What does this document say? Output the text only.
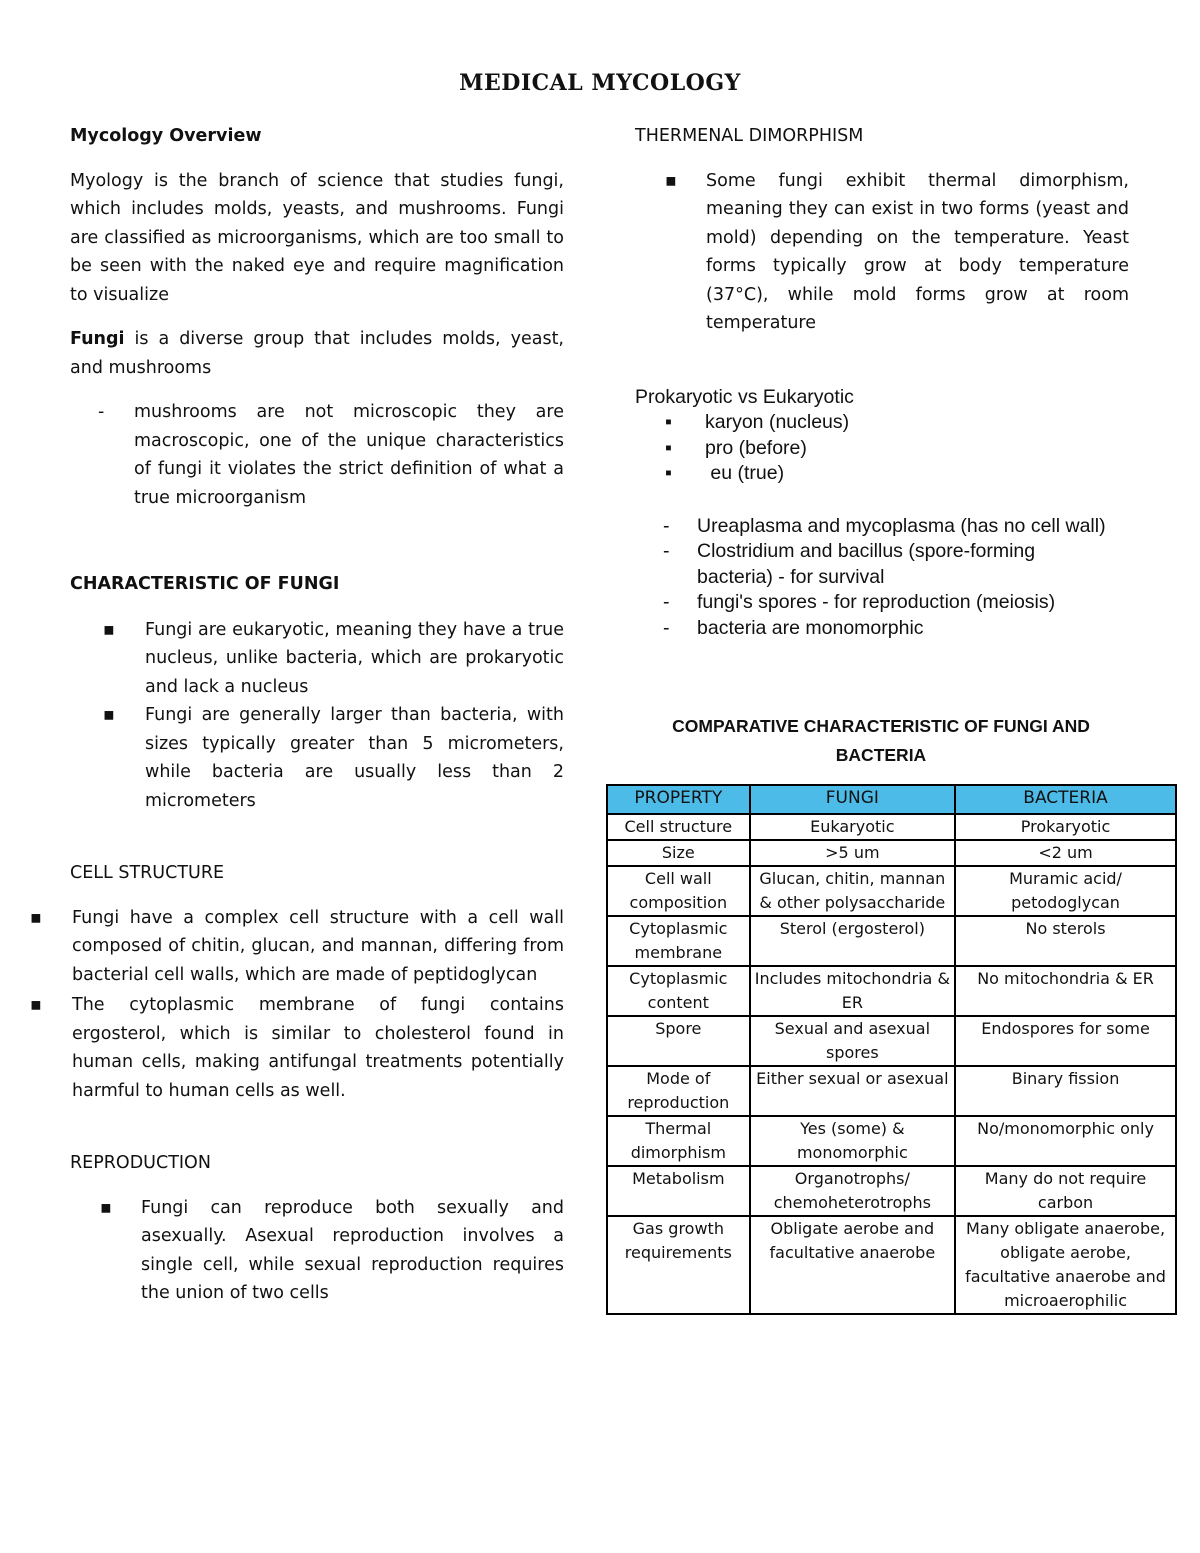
MEDICAL MYCOLOGY
Mycology Overview
Myology is the branch of science that studies fungi, which includes molds, yeasts, and mushrooms. Fungi are classified as microorganisms, which are too small to be seen with the naked eye and require magnification to visualize
Fungi is a diverse group that includes molds, yeast, and mushrooms
- mushrooms are not microscopic they are macroscopic, one of the unique characteristics of fungi it violates the strict definition of what a true microorganism
CHARACTERISTIC OF FUNGI
▪ Fungi are eukaryotic, meaning they have a true nucleus, unlike bacteria, which are prokaryotic and lack a nucleus
▪ Fungi are generally larger than bacteria, with sizes typically greater than 5 micrometers, while bacteria are usually less than 2 micrometers
CELL STRUCTURE
▪ Fungi have a complex cell structure with a cell wall composed of chitin, glucan, and mannan, differing from bacterial cell walls, which are made of peptidoglycan
▪ The cytoplasmic membrane of fungi contains ergosterol, which is similar to cholesterol found in human cells, making antifungal treatments potentially harmful to human cells as well.
REPRODUCTION
▪ Fungi can reproduce both sexually and asexually. Asexual reproduction involves a single cell, while sexual reproduction requires the union of two cells
THERMENAL DIMORPHISM
▪ Some fungi exhibit thermal dimorphism, meaning they can exist in two forms (yeast and mold) depending on the temperature. Yeast forms typically grow at body temperature (37°C), while mold forms grow at room temperature
Prokaryotic vs Eukaryotic
▪ karyon (nucleus)
▪ pro (before)
▪ eu (true)
- Ureaplasma and mycoplasma (has no cell wall)
- Clostridium and bacillus (spore-forming bacteria) - for survival
- fungi's spores - for reproduction (meiosis)
- bacteria are monomorphic
COMPARATIVE CHARACTERISTIC OF FUNGI AND BACTERIA
PROPERTY	FUNGI	BACTERIA
Cell structure	Eukaryotic	Prokaryotic
Size	>5 um	<2 um
Cell wall composition	Glucan, chitin, mannan & other polysaccharide	Muramic acid/ petodoglycan
Cytoplasmic membrane	Sterol (ergosterol)	No sterols
Cytoplasmic content	Includes mitochondria & ER	No mitochondria & ER
Spore	Sexual and asexual spores	Endospores for some
Mode of reproduction	Either sexual or asexual	Binary fission
Thermal dimorphism	Yes (some) & monomorphic	No/monomorphic only
Metabolism	Organotrophs/ chemoheterotrophs	Many do not require carbon
Gas growth requirements	Obligate aerobe and facultative anaerobe	Many obligate anaerobe, obligate aerobe, facultative anaerobe and microaerophilic
